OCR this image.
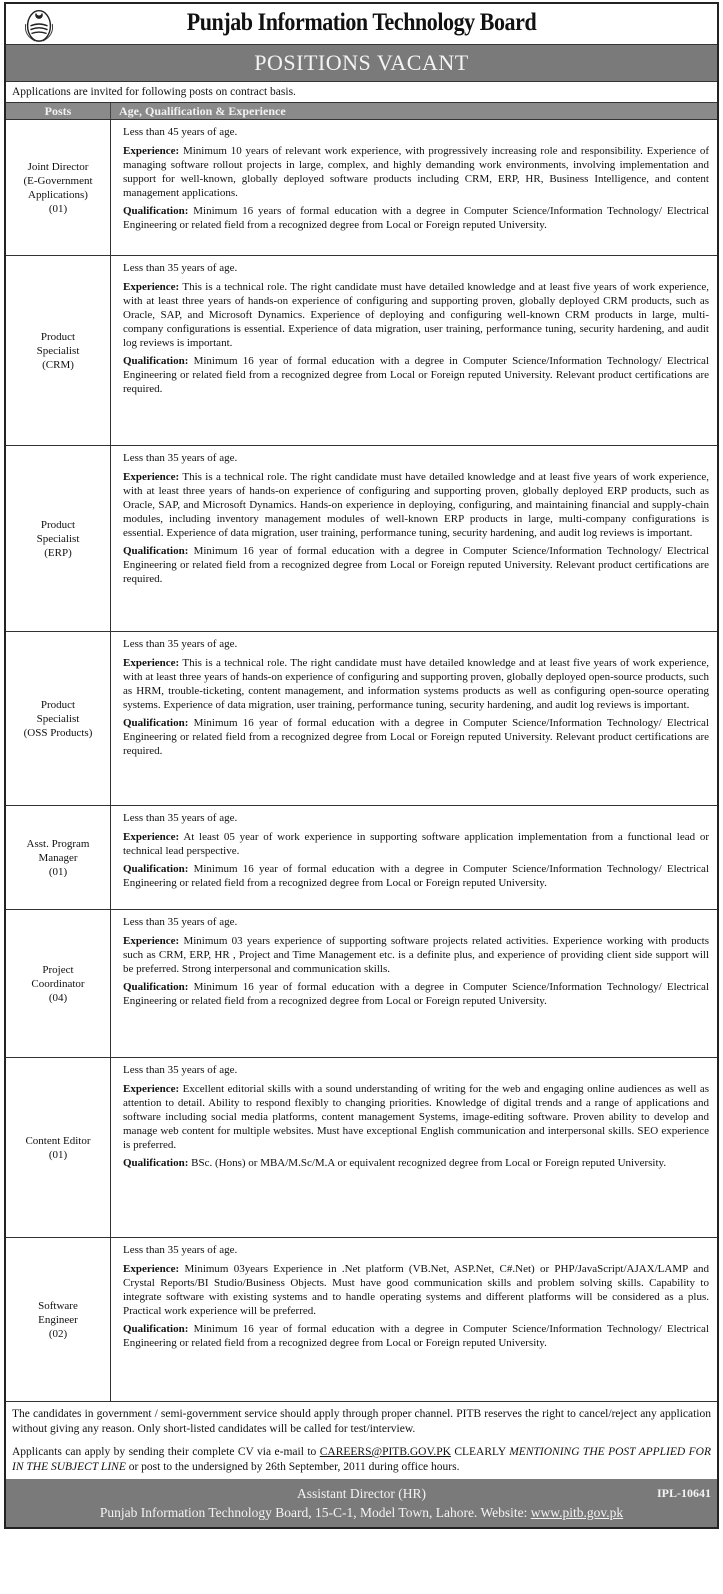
Punjab Information Technology Board
POSITIONS VACANT
Applications are invited for following posts on contract basis.
Posts	Age, Qualification & Experience
Joint Director
(E-Government
Applications)
(01)

Less than 45 years of age.

Experience: Minimum 10 years of relevant work experience, with progressively increasing role and responsibility. Experience of managing software rollout projects in large, complex, and highly demanding work environments, involving implementation and support for well-known, globally deployed software products including CRM, ERP, HR, Business Intelligence, and content management applications.

Qualification: Minimum 16 years of formal education with a degree in Computer Science/Information Technology/ Electrical Engineering or related field from a recognized degree from Local or Foreign reputed University.

Product
Specialist
(CRM)

Less than 35 years of age.

Experience: This is a technical role. The right candidate must have detailed knowledge and at least five years of work experience, with at least three years of hands-on experience of configuring and supporting proven, globally deployed CRM products, such as Oracle, SAP, and Microsoft Dynamics. Experience of deploying and configuring well-known CRM products in large, multi-company configurations is essential. Experience of data migration, user training, performance tuning, security hardening, and audit log reviews is important.

Qualification: Minimum 16 year of formal education with a degree in Computer Science/Information Technology/ Electrical Engineering or related field from a recognized degree from Local or Foreign reputed University. Relevant product certifications are required.

Product
Specialist
(ERP)

Less than 35 years of age.

Experience: This is a technical role. The right candidate must have detailed knowledge and at least five years of work experience, with at least three years of hands-on experience of configuring and supporting proven, globally deployed ERP products, such as Oracle, SAP, and Microsoft Dynamics. Hands-on experience in deploying, configuring, and maintaining financial and supply-chain modules, including inventory management modules of well-known ERP products in large, multi-company configurations is essential. Experience of data migration, user training, performance tuning, security hardening, and audit log reviews is important.

Qualification: Minimum 16 year of formal education with a degree in Computer Science/Information Technology/ Electrical Engineering or related field from a recognized degree from Local or Foreign reputed University. Relevant product certifications are required.

Product
Specialist
(OSS Products)

Less than 35 years of age.

Experience: This is a technical role. The right candidate must have detailed knowledge and at least five years of work experience, with at least three years of hands-on experience of configuring and supporting proven, globally deployed open-source products, such as HRM, trouble-ticketing, content management, and information systems products as well as configuring open-source operating systems. Experience of data migration, user training, performance tuning, security hardening, and audit log reviews is important.

Qualification: Minimum 16 year of formal education with a degree in Computer Science/Information Technology/ Electrical Engineering or related field from a recognized degree from Local or Foreign reputed University. Relevant product certifications are required.

Asst. Program
Manager
(01)

Less than 35 years of age.

Experience: At least 05 year of work experience in supporting software application implementation from a functional lead or technical lead perspective.

Qualification: Minimum 16 year of formal education with a degree in Computer Science/Information Technology/ Electrical Engineering or related field from a recognized degree from Local or Foreign reputed University.

Project
Coordinator
(04)

Less than 35 years of age.

Experience: Minimum 03 years experience of supporting software projects related activities. Experience working with products such as CRM, ERP, HR , Project and Time Management etc. is a definite plus, and experience of providing client side support will be preferred. Strong interpersonal and communication skills.

Qualification: Minimum 16 year of formal education with a degree in Computer Science/Information Technology/ Electrical Engineering or related field from a recognized degree from Local or Foreign reputed University.

Content Editor
(01)

Less than 35 years of age.

Experience: Excellent editorial skills with a sound understanding of writing for the web and engaging online audiences as well as attention to detail. Ability to respond flexibly to changing priorities. Knowledge of digital trends and a range of applications and software including social media platforms, content management Systems, image-editing software. Proven ability to develop and manage web content for multiple websites. Must have exceptional English communication and interpersonal skills. SEO experience is preferred.

Qualification: BSc. (Hons) or MBA/M.Sc/M.A or equivalent recognized degree from Local or Foreign reputed University.

Software
Engineer
(02)

Less than 35 years of age.

Experience: Minimum 03years Experience in .Net platform (VB.Net, ASP.Net, C#.Net) or PHP/JavaScript/AJAX/LAMP and Crystal Reports/BI Studio/Business Objects. Must have good communication skills and problem solving skills. Capability to integrate software with existing systems and to handle operating systems and different platforms will be considered as a plus. Practical work experience will be preferred.

Qualification: Minimum 16 year of formal education with a degree in Computer Science/Information Technology/ Electrical Engineering or related field from a recognized degree from Local or Foreign reputed University.

The candidates in government / semi-government service should apply through proper channel. PITB reserves the right to cancel/reject any application without giving any reason. Only short-listed candidates will be called for test/interview.

Applicants can apply by sending their complete CV via e-mail to CAREERS@PITB.GOV.PK CLEARLY MENTIONING THE POST APPLIED FOR IN THE SUBJECT LINE or post to the undersigned by 26th September, 2011 during office hours.

Assistant Director (HR)
Punjab Information Technology Board, 15-C-1, Model Town, Lahore. Website: www.pitb.gov.pk
IPL-10641
